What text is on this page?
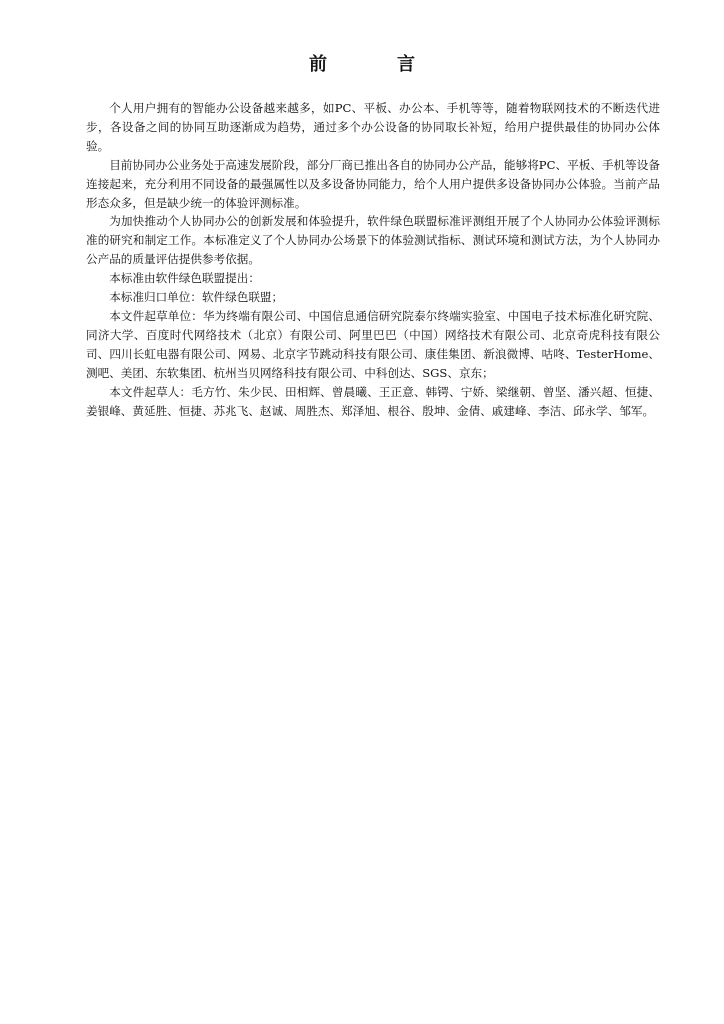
前　言

个人用户拥有的智能办公设备越来越多，如PC、平板、办公本、手机等等，随着物联网技术的不断迭代进步，各设备之间的协同互助逐渐成为趋势，通过多个办公设备的协同取长补短，给用户提供最佳的协同办公体验。

目前协同办公业务处于高速发展阶段，部分厂商已推出各自的协同办公产品，能够将PC、平板、手机等设备连接起来，充分利用不同设备的最强属性以及多设备协同能力，给个人用户提供多设备协同办公体验。当前产品形态众多，但是缺少统一的体验评测标准。

为加快推动个人协同办公的创新发展和体验提升，软件绿色联盟标准评测组开展了个人协同办公体验评测标准的研究和制定工作。本标准定义了个人协同办公场景下的体验测试指标、测试环境和测试方法，为个人协同办公产品的质量评估提供参考依据。

本标准由软件绿色联盟提出：

本标准归口单位：软件绿色联盟；

本文件起草单位：华为终端有限公司、中国信息通信研究院泰尔终端实验室、中国电子技术标准化研究院、同济大学、百度时代网络技术（北京）有限公司、阿里巴巴（中国）网络技术有限公司、北京奇虎科技有限公司、四川长虹电器有限公司、网易、北京字节跳动科技有限公司、康佳集团、新浪微博、咕咚、TesterHome、测吧、美团、东软集团、杭州当贝网络科技有限公司、中科创达、SGS、京东；

本文件起草人：毛方竹、朱少民、田相辉、曾晨曦、王正意、韩锷、宁娇、梁继朝、曾坚、潘兴超、恒捷、姜银峰、黄延胜、恒捷、苏兆飞、赵诚、周胜杰、郑泽旭、根谷、殷坤、金倩、戚建峰、李洁、邱永学、邹军。
